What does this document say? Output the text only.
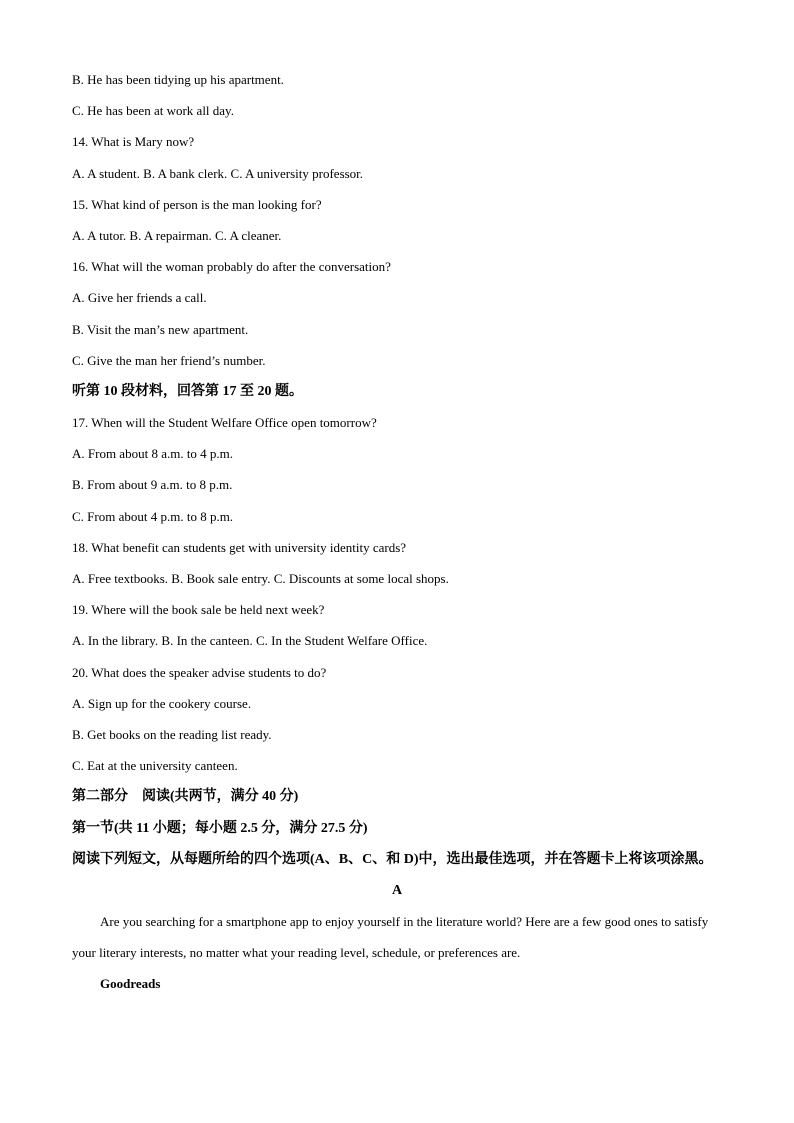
B. He has been tidying up his apartment.
C. He has been at work all day.
14. What is Mary now?
A. A student. B. A bank clerk. C. A university professor.
15. What kind of person is the man looking for?
A. A tutor. B. A repairman. C. A cleaner.
16. What will the woman probably do after the conversation?
A. Give her friends a call.
B. Visit the man’s new apartment.
C. Give the man her friend’s number.
听第 10 段材料，回答第 17 至 20 题。
17. When will the Student Welfare Office open tomorrow?
A. From about 8 a.m. to 4 p.m.
B. From about 9 a.m. to 8 p.m.
C. From about 4 p.m. to 8 p.m.
18. What benefit can students get with university identity cards?
A. Free textbooks. B. Book sale entry. C. Discounts at some local shops.
19. Where will the book sale be held next week?
A. In the library. B. In the canteen. C. In the Student Welfare Office.
20. What does the speaker advise students to do?
A. Sign up for the cookery course.
B. Get books on the reading list ready.
C. Eat at the university canteen.
第二部分　阅读(共两节，满分 40 分)
第一节(共 11 小题；每小题 2.5 分，满分 27.5 分)
阅读下列短文，从每题所给的四个选项(A、B、C、和 D)中，选出最佳选项，并在答题卡上将该项涂黑。
A
Are you searching for a smartphone app to enjoy yourself in the literature world? Here are a few good ones to satisfy your literary interests, no matter what your reading level, schedule, or preferences are.
Goodreads
